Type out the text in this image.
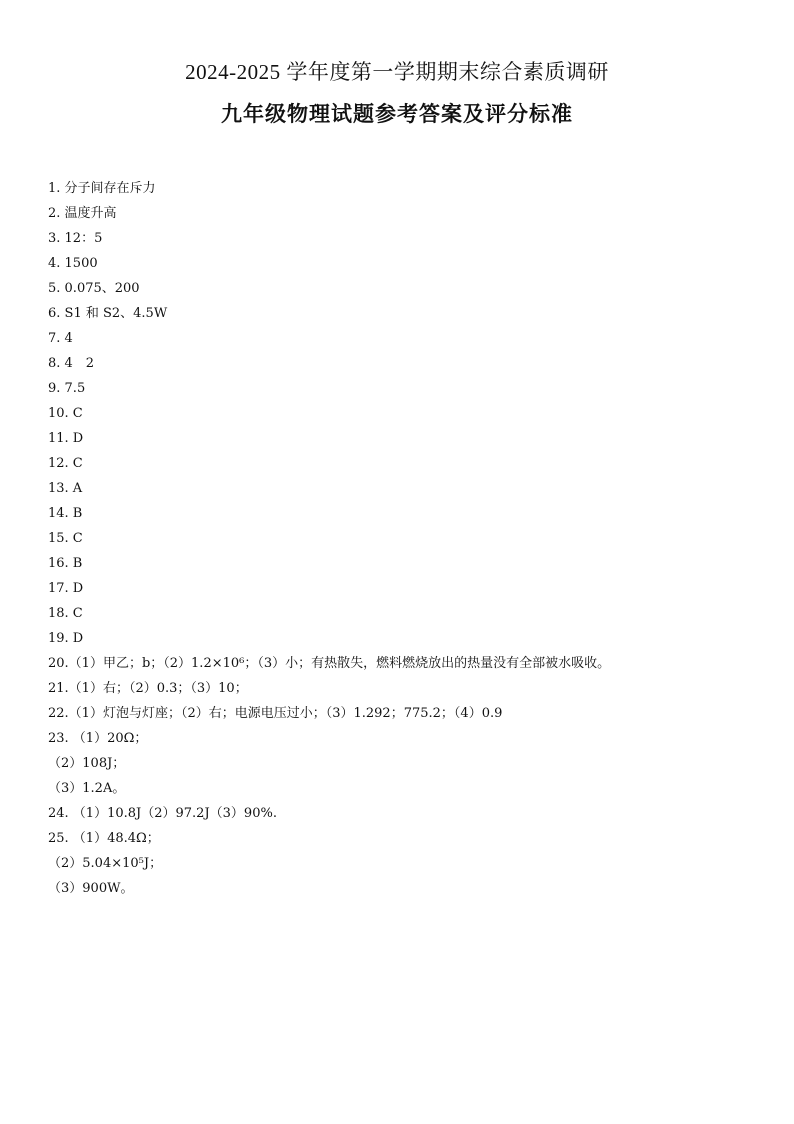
2024-2025 学年度第一学期期末综合素质调研
九年级物理试题参考答案及评分标准
1. 分子间存在斥力
2. 温度升高
3. 12：5
4. 1500
5. 0.075、200
6. S1 和 S2、4.5W
7. 4
8. 4　2
9. 7.5
10. C
11. D
12. C
13. A
14. B
15. C
16. B
17. D
18. C
19. D
20.（1）甲乙；b；（2）1.2×10⁶；（3）小；有热散失，燃料燃烧放出的热量没有全部被水吸收。
21.（1）右；（2）0.3；（3）10；
22.（1）灯泡与灯座；（2）右；电源电压过小；（3）1.292；775.2；（4）0.9
23. （1）20Ω；
（2）108J；
（3）1.2A。
24. （1）10.8J（2）97.2J（3）90%.
25. （1）48.4Ω；
（2）5.04×10⁵J；
（3）900W。
